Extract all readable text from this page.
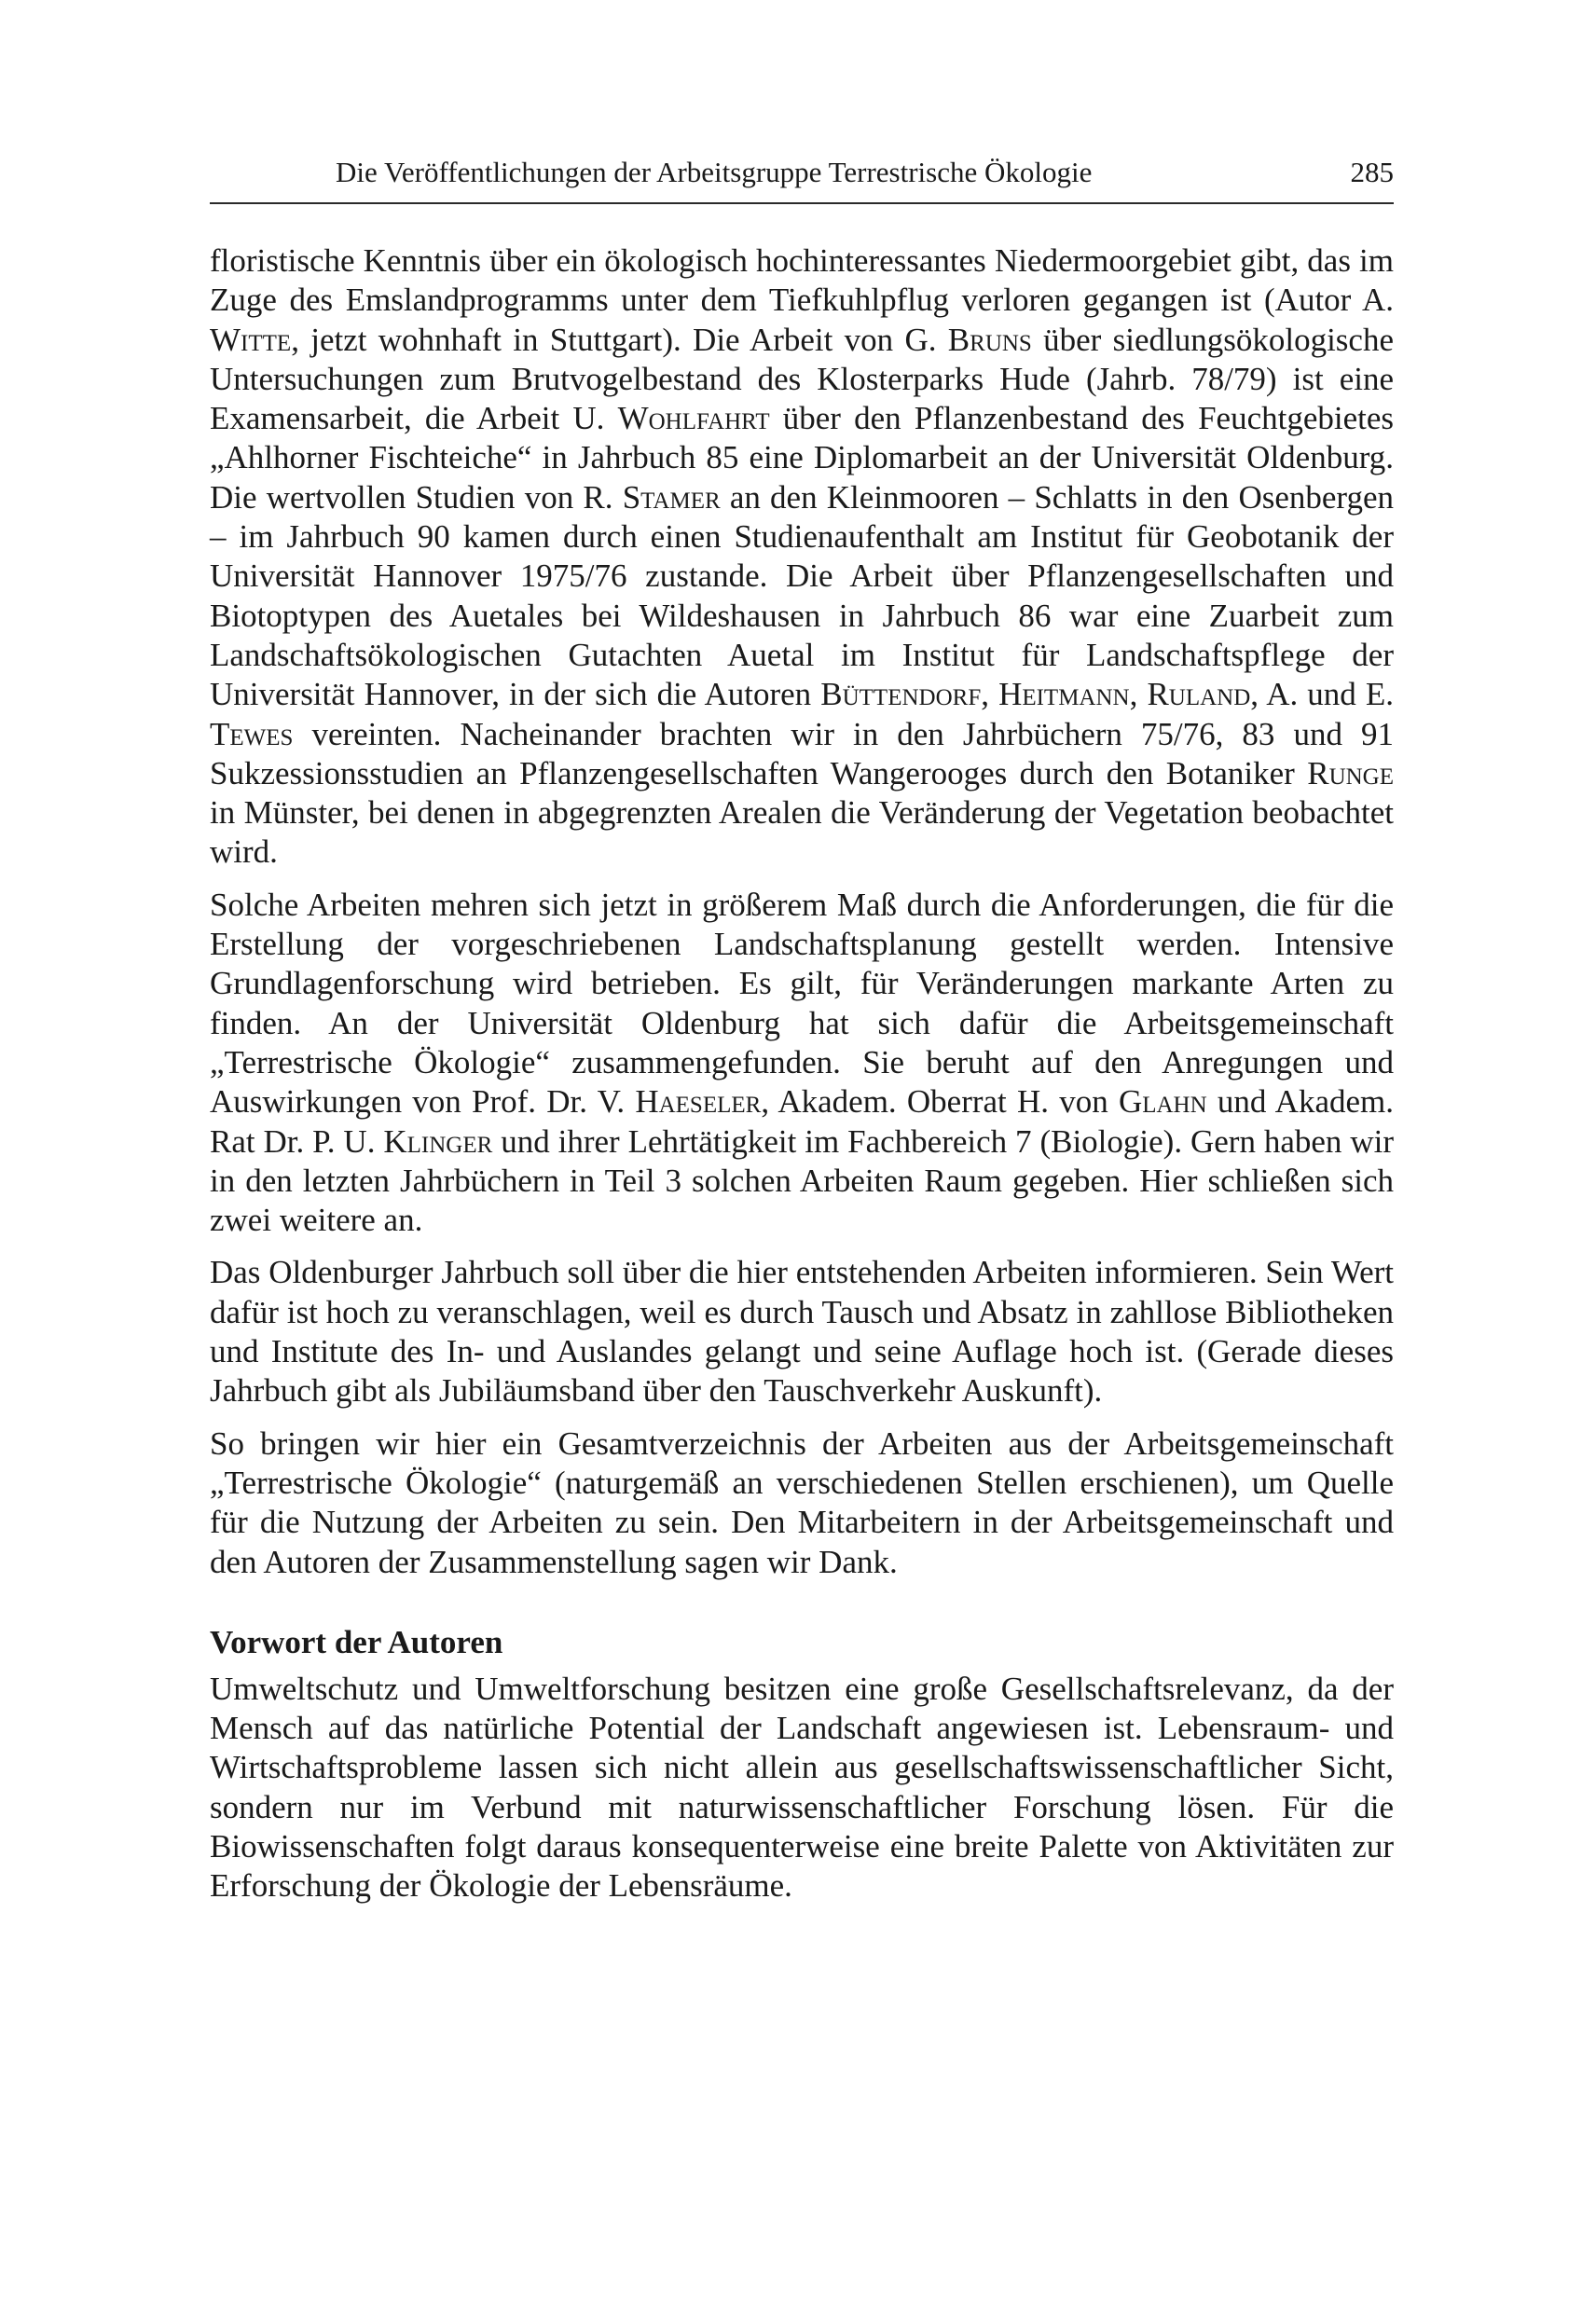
Die Veröffentlichungen der Arbeitsgruppe Terrestrische Ökologie	285

floristische Kenntnis über ein ökologisch hochinteressantes Niedermoorgebiet gibt, das im Zuge des Emslandprogramms unter dem Tiefkuhlpflug verloren gegangen ist (Autor A. Witte, jetzt wohnhaft in Stuttgart). Die Arbeit von G. Bruns über siedlungsökologische Untersuchungen zum Brutvogelbestand des Klosterparks Hude (Jahrb. 78/79) ist eine Examensarbeit, die Arbeit U. Wohlfahrt über den Pflanzenbestand des Feuchtgebietes „Ahlhorner Fischteiche“ in Jahrbuch 85 eine Diplomarbeit an der Universität Oldenburg. Die wertvollen Studien von R. Stamer an den Kleinmooren – Schlatts in den Osenbergen – im Jahrbuch 90 kamen durch einen Studienaufenthalt am Institut für Geobotanik der Universität Hannover 1975/76 zustande. Die Arbeit über Pflanzengesellschaften und Biotoptypen des Auetales bei Wildeshausen in Jahrbuch 86 war eine Zuarbeit zum Landschaftsökologischen Gutachten Auetal im Institut für Landschaftspflege der Universität Hannover, in der sich die Autoren Büttendorf, Heitmann, Ruland, A. und E. Tewes vereinten. Nacheinander brachten wir in den Jahrbüchern 75/76, 83 und 91 Sukzessionsstudien an Pflanzengesellschaften Wangerooges durch den Botaniker Runge in Münster, bei denen in abgegrenzten Arealen die Veränderung der Vegetation beobachtet wird.

Solche Arbeiten mehren sich jetzt in größerem Maß durch die Anforderungen, die für die Erstellung der vorgeschriebenen Landschaftsplanung gestellt werden. Intensive Grundlagenforschung wird betrieben. Es gilt, für Veränderungen markante Arten zu finden. An der Universität Oldenburg hat sich dafür die Arbeitsgemeinschaft „Terrestrische Ökologie“ zusammengefunden. Sie beruht auf den Anregungen und Auswirkungen von Prof. Dr. V. Haeseler, Akadem. Oberrat H. von Glahn und Akadem. Rat Dr. P. U. Klinger und ihrer Lehrtätigkeit im Fachbereich 7 (Biologie). Gern haben wir in den letzten Jahrbüchern in Teil 3 solchen Arbeiten Raum gegeben. Hier schließen sich zwei weitere an.

Das Oldenburger Jahrbuch soll über die hier entstehenden Arbeiten informieren. Sein Wert dafür ist hoch zu veranschlagen, weil es durch Tausch und Absatz in zahllose Bibliotheken und Institute des In- und Auslandes gelangt und seine Auflage hoch ist. (Gerade dieses Jahrbuch gibt als Jubiläumsband über den Tauschverkehr Auskunft).

So bringen wir hier ein Gesamtverzeichnis der Arbeiten aus der Arbeitsgemeinschaft „Terrestrische Ökologie“ (naturgemäß an verschiedenen Stellen erschienen), um Quelle für die Nutzung der Arbeiten zu sein. Den Mitarbeitern in der Arbeitsgemeinschaft und den Autoren der Zusammenstellung sagen wir Dank.

Vorwort der Autoren

Umweltschutz und Umweltforschung besitzen eine große Gesellschaftsrelevanz, da der Mensch auf das natürliche Potential der Landschaft angewiesen ist. Lebensraum- und Wirtschaftsprobleme lassen sich nicht allein aus gesellschaftswissenschaftlicher Sicht, sondern nur im Verbund mit naturwissenschaftlicher Forschung lösen. Für die Biowissenschaften folgt daraus konsequenterweise eine breite Palette von Aktivitäten zur Erforschung der Ökologie der Lebensräume.
